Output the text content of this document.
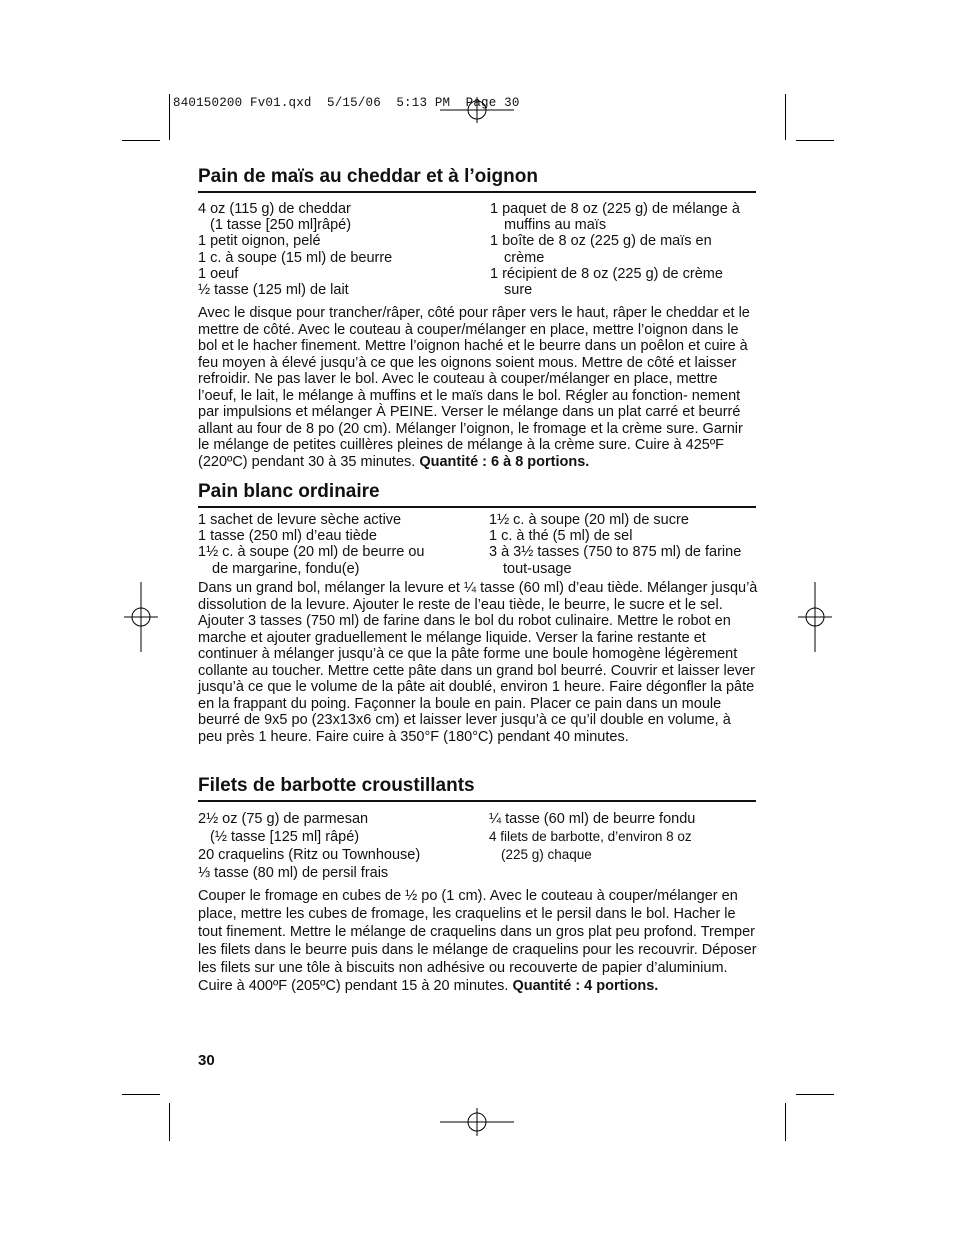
840150200 Fv01.qxd  5/15/06  5:13 PM  Page 30
Pain de maïs au cheddar et à l’oignon
4 oz (115 g) de cheddar
(1 tasse [250 ml]râpé)
1 petit oignon, pelé
1 c. à soupe (15 ml) de beurre
1 oeuf
½ tasse (125 ml) de lait
1 paquet de 8 oz (225 g) de mélange à
muffins au maïs
1 boîte de 8 oz (225 g) de maïs en
crème
1 récipient de 8 oz (225 g) de crème
sure

Avec le disque pour trancher/râper, côté pour râper vers le haut, râper le cheddar et le mettre de côté. Avec le couteau à couper/mélanger en place, mettre l’oignon dans le bol et le hacher finement. Mettre l’oignon haché et le beurre dans un poêlon et cuire à feu moyen à élevé jusqu’à ce que les oignons soient mous. Mettre de côté et laisser refroidir. Ne pas laver le bol. Avec le couteau à couper/mélanger en place, mettre l’oeuf, le lait, le mélange à muffins et le maïs dans le bol. Régler au fonction- nement par impulsions et mélanger À PEINE. Verser le mélange dans un plat carré et beurré allant au four de 8 po (20 cm). Mélanger l’oignon, le fromage et la crème sure. Garnir le mélange de petites cuillères pleines de mélange à la crème sure. Cuire à 425ºF (220ºC) pendant 30 à 35 minutes. Quantité : 6 à 8 portions.

Pain blanc ordinaire
1 sachet de levure sèche active
1 tasse (250 ml) d’eau tiède
1½ c. à soupe (20 ml) de beurre ou
de margarine, fondu(e)
1½ c. à soupe (20 ml) de sucre
1 c. à thé (5 ml) de sel
3 à 3½ tasses (750 to 875 ml) de farine
tout-usage

Dans un grand bol, mélanger la levure et ¼ tasse (60 ml) d’eau tiède. Mélanger jusqu’à dissolution de la levure. Ajouter le reste de l’eau tiède, le beurre, le sucre et le sel. Ajouter 3 tasses (750 ml) de farine dans le bol du robot culinaire. Mettre le robot en marche et ajouter graduellement le mélange liquide. Verser la farine restante et continuer à mélanger jusqu’à ce que la pâte forme une boule homogène légèrement collante au toucher. Mettre cette pâte dans un grand bol beurré. Couvrir et laisser lever jusqu’à ce que le volume de la pâte ait doublé, environ 1 heure. Faire dégonfler la pâte en la frappant du poing. Façonner la boule en pain. Placer ce pain dans un moule beurré de 9x5 po (23x13x6 cm) et laisser lever jusqu’à ce qu’il double en volume, à peu près 1 heure. Faire cuire à 350°F (180°C) pendant 40 minutes.

Filets de barbotte croustillants
2½ oz (75 g) de parmesan
(½ tasse [125 ml] râpé)
20 craquelins (Ritz ou Townhouse)
⅓ tasse (80 ml) de persil frais
¼ tasse (60 ml) de beurre fondu
4 filets de barbotte, d’environ 8 oz
(225 g) chaque

Couper le fromage en cubes de ½ po (1 cm). Avec le couteau à couper/mélanger en place, mettre les cubes de fromage, les craquelins et le persil dans le bol. Hacher le tout finement. Mettre le mélange de craquelins dans un gros plat peu profond. Tremper les filets dans le beurre puis dans le mélange de craquelins pour les recouvrir. Déposer les filets sur une tôle à biscuits non adhésive ou recouverte de papier d’aluminium. Cuire à 400ºF (205ºC) pendant 15 à 20 minutes. Quantité : 4 portions.

30
